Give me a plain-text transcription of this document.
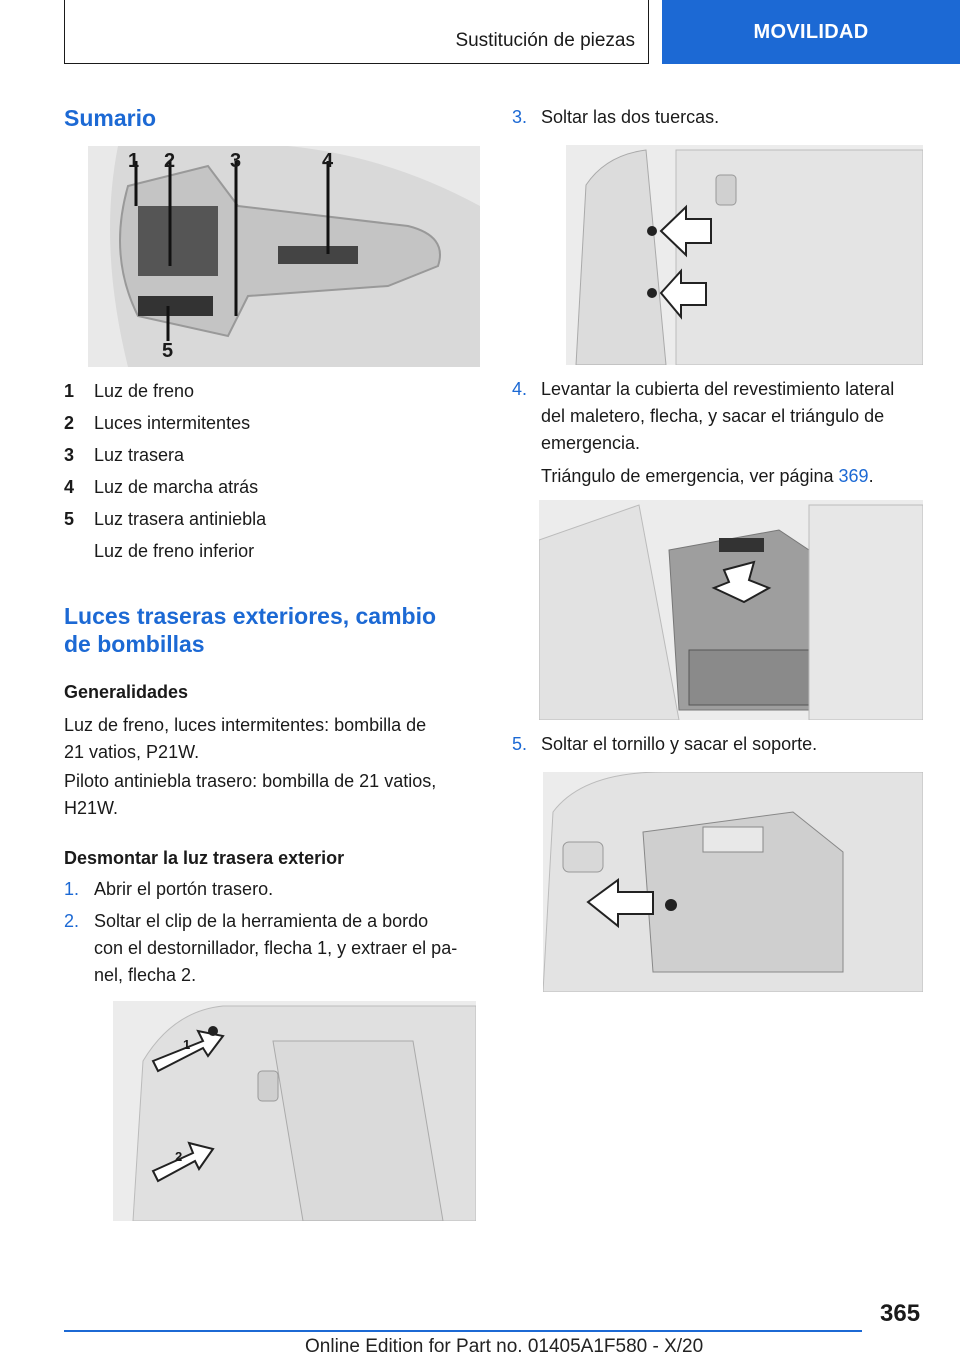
Sustitución de piezas	MOVILIDAD
Sumario
1 2	3	4
5
1 Luz de freno
2 Luces intermitentes
3 Luz trasera
4 Luz de marcha atrás
5 Luz trasera antiniebla
Luz de freno inferior
Luces traseras exteriores, cambio
de bombillas
Generalidades
Luz de freno, luces intermitentes: bombilla de
21 vatios, P21W.
Piloto antiniebla trasero: bombilla de 21 vatios,
H21W.
Desmontar la luz trasera exterior
1. Abrir el portón trasero.
2. Soltar el clip de la herramienta de a bordo
con el destornillador, flecha 1, y extraer el pa‐
nel, flecha 2.
1
2
3. Soltar las dos tuercas.
4. Levantar la cubierta del revestimiento lateral
del maletero, flecha, y sacar el triángulo de
emergencia.
Triángulo de emergencia, ver página 369.
5. Soltar el tornillo y sacar el soporte.
365
Online Edition for Part no. 01405A1F580 - X/20
